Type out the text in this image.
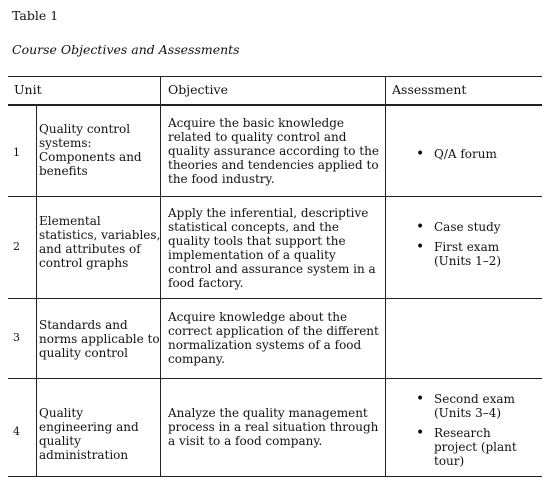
Table 1
Course Objectives and Assessments
Unit	Objective	Assessment
1
Quality control systems: Components and benefits
Acquire the basic knowledge related to quality control and quality assurance according to the theories and tendencies applied to the food industry.
• Q/A forum
2
Elemental statistics, variables, and attributes of control graphs
Apply the inferential, descriptive statistical concepts, and the quality tools that support the implementation of a quality control and assurance system in a food factory.
• Case study
• First exam (Units 1–2)
3
Standards and norms applicable to quality control
Acquire knowledge about the correct application of the different normalization systems of a food company.
4
Quality engineering and quality administration
Analyze the quality management process in a real situation through a visit to a food company.
• Second exam (Units 3–4)
• Research project (plant tour)
